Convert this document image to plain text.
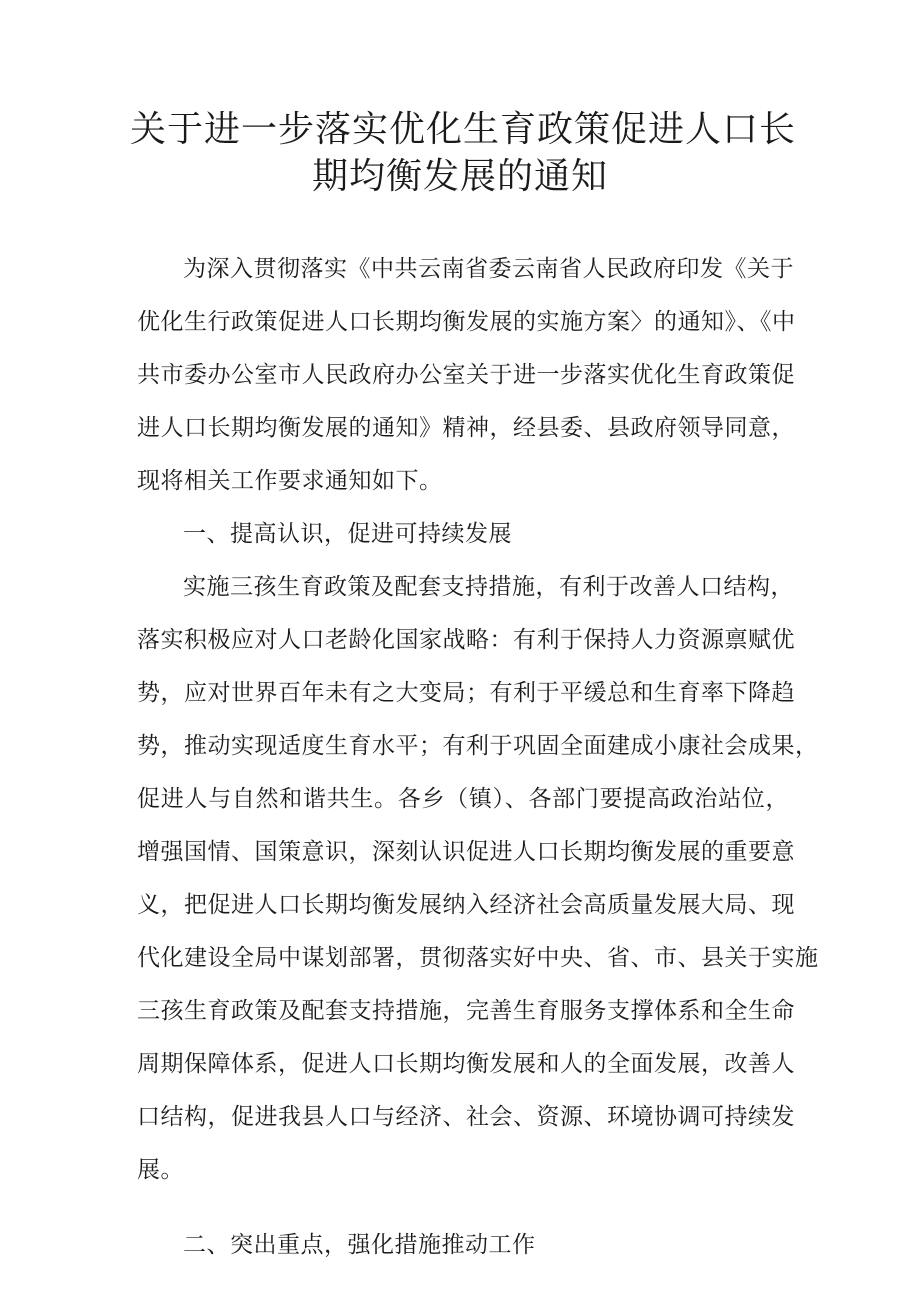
关于进一步落实优化生育政策促进人口长
期均衡发展的通知
为深入贯彻落实《中共云南省委云南省人民政府印发《关于
优化生行政策促进人口长期均衡发展的实施方案〉的通知》、《中
共市委办公室市人民政府办公室关于进一步落实优化生育政策促
进人口长期均衡发展的通知》精神，经县委、县政府领导同意，
现将相关工作要求通知如下。
一、提高认识，促进可持续发展
实施三孩生育政策及配套支持措施，有利于改善人口结构，
落实积极应对人口老龄化国家战略：有利于保持人力资源禀赋优
势，应对世界百年未有之大变局；有利于平缓总和生育率下降趋
势，推动实现适度生育水平；有利于巩固全面建成小康社会成果，
促进人与自然和谐共生。各乡（镇）、各部门要提高政治站位，
增强国情、国策意识，深刻认识促进人口长期均衡发展的重要意
义，把促进人口长期均衡发展纳入经济社会高质量发展大局、现
代化建设全局中谋划部署，贯彻落实好中央、省、市、县关于实施
三孩生育政策及配套支持措施，完善生育服务支撑体系和全生命
周期保障体系，促进人口长期均衡发展和人的全面发展，改善人
口结构，促进我县人口与经济、社会、资源、环境协调可持续发
展。
二、突出重点，强化措施推动工作
